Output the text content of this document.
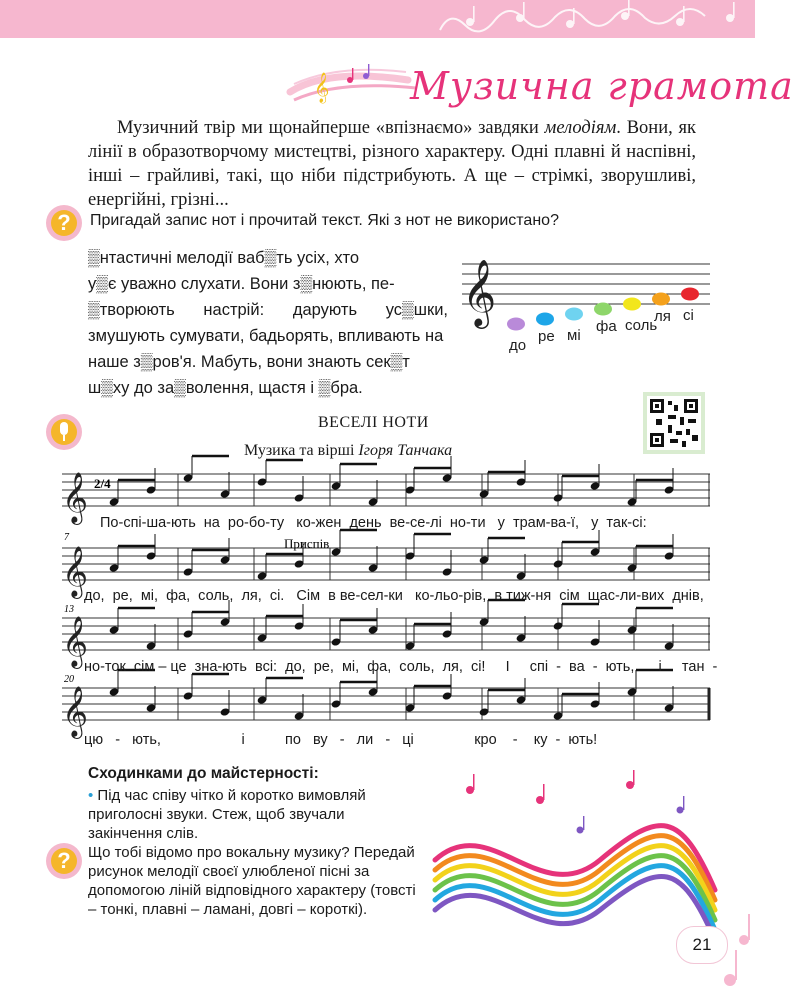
𝄞 Музична грамота
Музичний твір ми щонайперше «впізнаємо» завдяки мелодіям. Вони, як лінії в образотворчому мистецтві, різного характеру. Одні плавні й наспівні, інші – грайливі, такі, що ніби підстрибують. А ще – стрімкі, зворушливі, енергійні, грізні...
?	Пригадай запис нот і прочитай текст. Які з нот не використано?
▒нтастичні мелодії ваб▒ть усіх, хто
у▒є уважно слухати. Вони з▒нюють, пе-
▒творюють настрій: дарують ус▒шки, змушують сумувати, бадьорять, впливають на
наше з▒ров'я. Мабуть, вони знають сек▒т
ш▒ху до за▒волення, щастя і ▒бра.
𝄞
до
ре мі
фа соль
ля сі
ВЕСЕЛІ НОТИ
Музика та вірші Ігоря Танчака
𝄞
𝄞
𝄞
𝄞
2/4
Приспів
7
13
20
По-спі-ша-ють  на  ро-бо-ту   ко-жен  день  ве-се-лі  но-ти   у  трам-ва-ї,   у  так-сі:
до,  ре,  мі,  фа,  соль,  ля,  сі.   Сім  в ве-сел-ки   ко-льо-рів,  в тиж-ня  сім  щас-ли-вих  днів,
но-ток  сім – це  зна-ють  всі:  до,  ре,  мі,  фа,  соль,  ля,  сі!     І     спі  -  ва  -  ють,      і     тан  -
цю   -   ють,                    і          по   ву   -   ли   -   ці               кро    -    ку  -  ють!
Сходинками до майстерності:
• Під час співу чітко й коротко вимовляй приголосні звуки. Стеж, щоб звучали закінчення слів.
?	Що тобі відомо про вокальну музику? Передай рисунок мелодії своєї улюбленої пісні за допомогою ліній відповідного характеру (товсті – тонкі, плавні – ламані, довгі – короткі).
21
